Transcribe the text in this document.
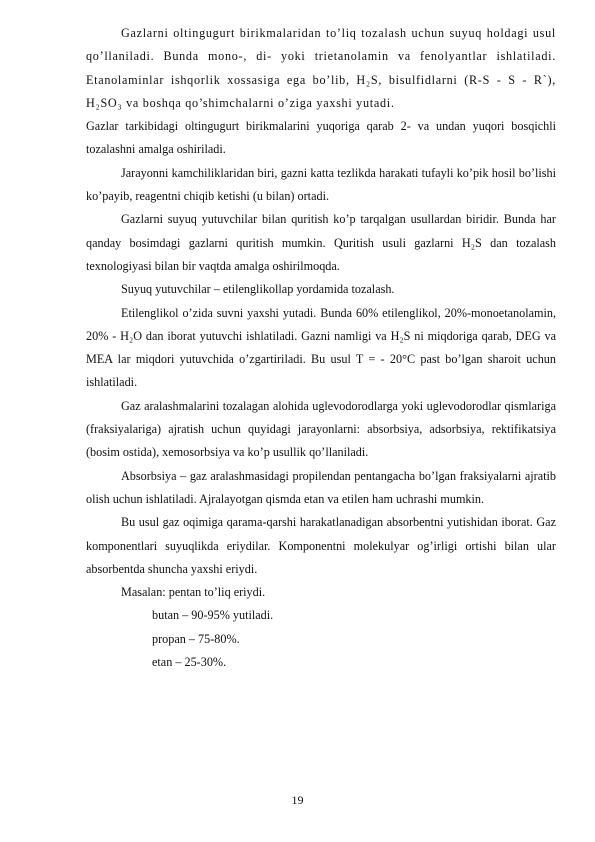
Gazlarni oltingugurt birikmalaridan to’liq tozalash uchun suyuq holdagi usul qo’llaniladi. Bunda mono-, di- yoki trietanolamin va fenolyantlar ishlatiladi. Etanolaminlar ishqorlik xossasiga ega bo’lib, H₂S, bisulfidlarni (R-S - S - R`), H₂SO₃ va boshqa qo’shimchalarni o’ziga yaxshi yutadi.

Gazlar tarkibidagi oltingugurt birikmalarini yuqoriga qarab 2- va undan yuqori bosqichli tozalashni amalga oshiriladi.

Jarayonni kamchiliklaridan biri, gazni katta tezlikda harakati tufayli ko’pik hosil bo’lishi ko’payib, reagentni chiqib ketishi (u bilan) ortadi.

Gazlarni suyuq yutuvchilar bilan quritish ko’p tarqalgan usullardan biridir. Bunda har qanday bosimdagi gazlarni quritish mumkin. Quritish usuli gazlarni H₂S dan tozalash texnologiyasi bilan bir vaqtda amalga oshirilmoqda.

Suyuq yutuvchilar – etilenglikollap yordamida tozalash.

Etilenglikol o’zida suvni yaxshi yutadi. Bunda 60% etilenglikol, 20%-monoetanolamin, 20% - H₂O dan iborat yutuvchi ishlatiladi. Gazni namligi va H₂S ni miqdoriga qarab, DEG va MEA lar miqdori yutuvchida o’zgartiriladi. Bu usul T = - 20°C past bo’lgan sharoit uchun ishlatiladi.

Gaz aralashmalarini tozalagan alohida uglevodorodlarga yoki uglevodorodlar qismlariga (fraksiyalariga) ajratish uchun quyidagi jarayonlarni: absorbsiya, adsorbsiya, rektifikatsiya (bosim ostida), xemosorbsiya va ko’p usullik qo’llaniladi.

Absorbsiya – gaz aralashmasidagi propilendan pentangacha bo’lgan fraksiyalarni ajratib olish uchun ishlatiladi. Ajralayotgan qismda etan va etilen ham uchrashi mumkin.

Bu usul gaz oqimiga qarama-qarshi harakatlanadigan absorbentni yutishidan iborat. Gaz komponentlari suyuqlikda eriydilar. Komponentni molekulyar og’irligi ortishi bilan ular absorbentda shuncha yaxshi eriydi.

Masalan: pentan to’liq eriydi.

butan – 90-95% yutiladi.

propan – 75-80%.

etan – 25-30%.

19
